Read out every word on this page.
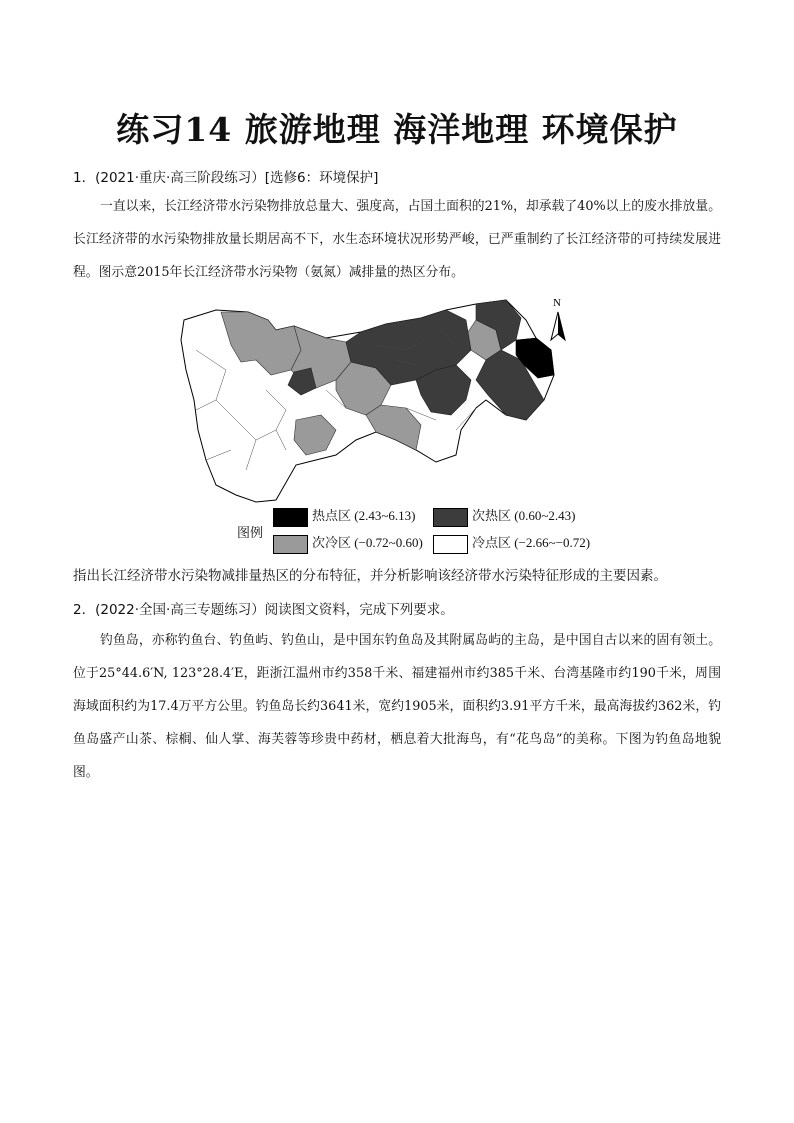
练习14 旅游地理 海洋地理 环境保护
1．(2021·重庆·高三阶段练习）[选修6：环境保护]
一直以来，长江经济带水污染物排放总量大、强度高，占国土面积的21%，却承载了40%以上的废水排放量。长江经济带的水污染物排放量长期居高不下，水生态环境状况形势严峻，已严重制约了长江经济带的可持续发展进程。图示意2015年长江经济带水污染物（氨氮）减排量的热区分布。
N
图例
热点区 (2.43~6.13)	次热区 (0.60~2.43)
次冷区 (−0.72~0.60)	冷点区 (−2.66~−0.72)
指出长江经济带水污染物减排量热区的分布特征，并分析影响该经济带水污染特征形成的主要因素。
2．(2022·全国·高三专题练习）阅读图文资料，完成下列要求。
钓鱼岛，亦称钓鱼台、钓鱼屿、钓鱼山，是中国东钓鱼岛及其附属岛屿的主岛，是中国自古以来的固有领土。位于25°44.6′N, 123°28.4′E，距浙江温州市约358千米、福建福州市约385千米、台湾基隆市约190千米，周围海域面积约为17.4万平方公里。钓鱼岛长约3641米，宽约1905米，面积约3.91平方千米，最高海拔约362米，钓鱼岛盛产山茶、棕榈、仙人掌、海芙蓉等珍贵中药材，栖息着大批海鸟，有“花鸟岛”的美称。下图为钓鱼岛地貌图。
